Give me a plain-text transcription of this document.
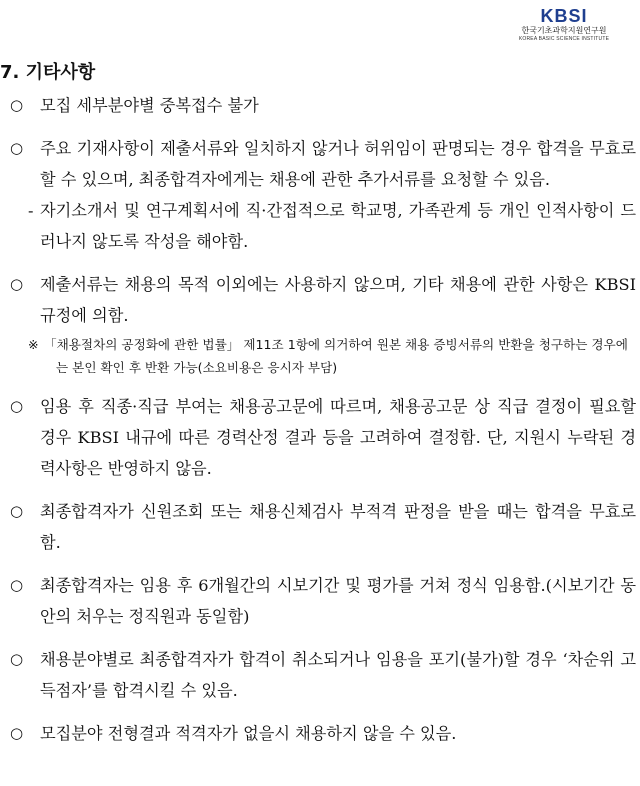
KBSI
한국기초과학지원연구원
KOREA BASIC SCIENCE INSTITUTE
7. 기타사항
○ 모집 세부분야별 중복접수 불가
○ 주요 기재사항이 제출서류와 일치하지 않거나 허위임이 판명되는 경우 합격을 무효로 할 수 있으며, 최종합격자에게는 채용에 관한 추가서류를 요청할 수 있음.
- 자기소개서 및 연구계획서에 직·간접적으로 학교명, 가족관계 등 개인 인적사항이 드러나지 않도록 작성을 해야함.
○ 제출서류는 채용의 목적 이외에는 사용하지 않으며, 기타 채용에 관한 사항은 KBSI 규정에 의함.
※ 「채용절차의 공정화에 관한 법률」 제11조 1항에 의거하여 원본 채용 증빙서류의 반환을 청구하는 경우에는 본인 확인 후 반환 가능(소요비용은 응시자 부담)
○ 임용 후 직종·직급 부여는 채용공고문에 따르며, 채용공고문 상 직급 결정이 필요할 경우 KBSI 내규에 따른 경력산정 결과 등을 고려하여 결정함. 단, 지원시 누락된 경력사항은 반영하지 않음.
○ 최종합격자가 신원조회 또는 채용신체검사 부적격 판정을 받을 때는 합격을 무효로 함.
○ 최종합격자는 임용 후 6개월간의 시보기간 및 평가를 거쳐 정식 임용함.(시보기간 동안의 처우는 정직원과 동일함)
○ 채용분야별로 최종합격자가 합격이 취소되거나 임용을 포기(불가)할 경우 ‘차순위 고득점자’를 합격시킬 수 있음.
○ 모집분야 전형결과 적격자가 없을시 채용하지 않을 수 있음.
